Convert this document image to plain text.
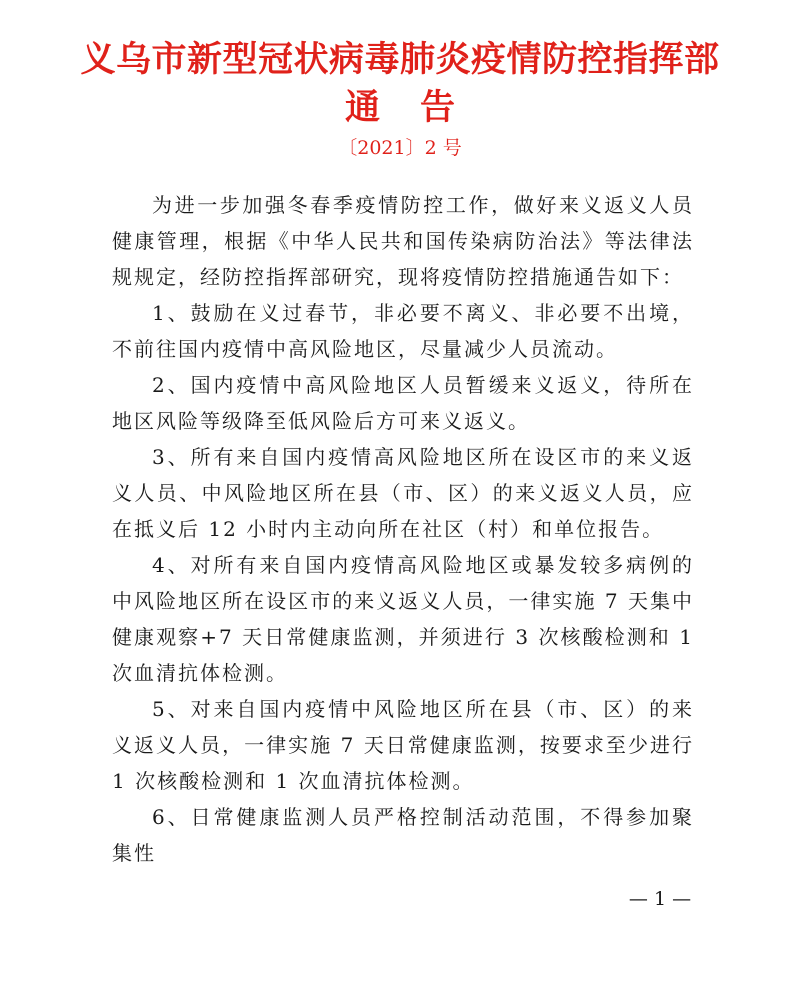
义乌市新型冠状病毒肺炎疫情防控指挥部
通告
〔2021〕2 号

为进一步加强冬春季疫情防控工作，做好来义返义人员健康管理，根据《中华人民共和国传染病防治法》等法律法规规定，经防控指挥部研究，现将疫情防控措施通告如下：

1、鼓励在义过春节，非必要不离义、非必要不出境，不前往国内疫情中高风险地区，尽量减少人员流动。

2、国内疫情中高风险地区人员暂缓来义返义，待所在地区风险等级降至低风险后方可来义返义。

3、所有来自国内疫情高风险地区所在设区市的来义返义人员、中风险地区所在县（市、区）的来义返义人员，应在抵义后 12 小时内主动向所在社区（村）和单位报告。

4、对所有来自国内疫情高风险地区或暴发较多病例的中风险地区所在设区市的来义返义人员，一律实施 7 天集中健康观察+7 天日常健康监测，并须进行 3 次核酸检测和 1 次血清抗体检测。

5、对来自国内疫情中风险地区所在县（市、区）的来义返义人员，一律实施 7 天日常健康监测，按要求至少进行 1 次核酸检测和 1 次血清抗体检测。

6、日常健康监测人员严格控制活动范围，不得参加聚集性

— 1 —
